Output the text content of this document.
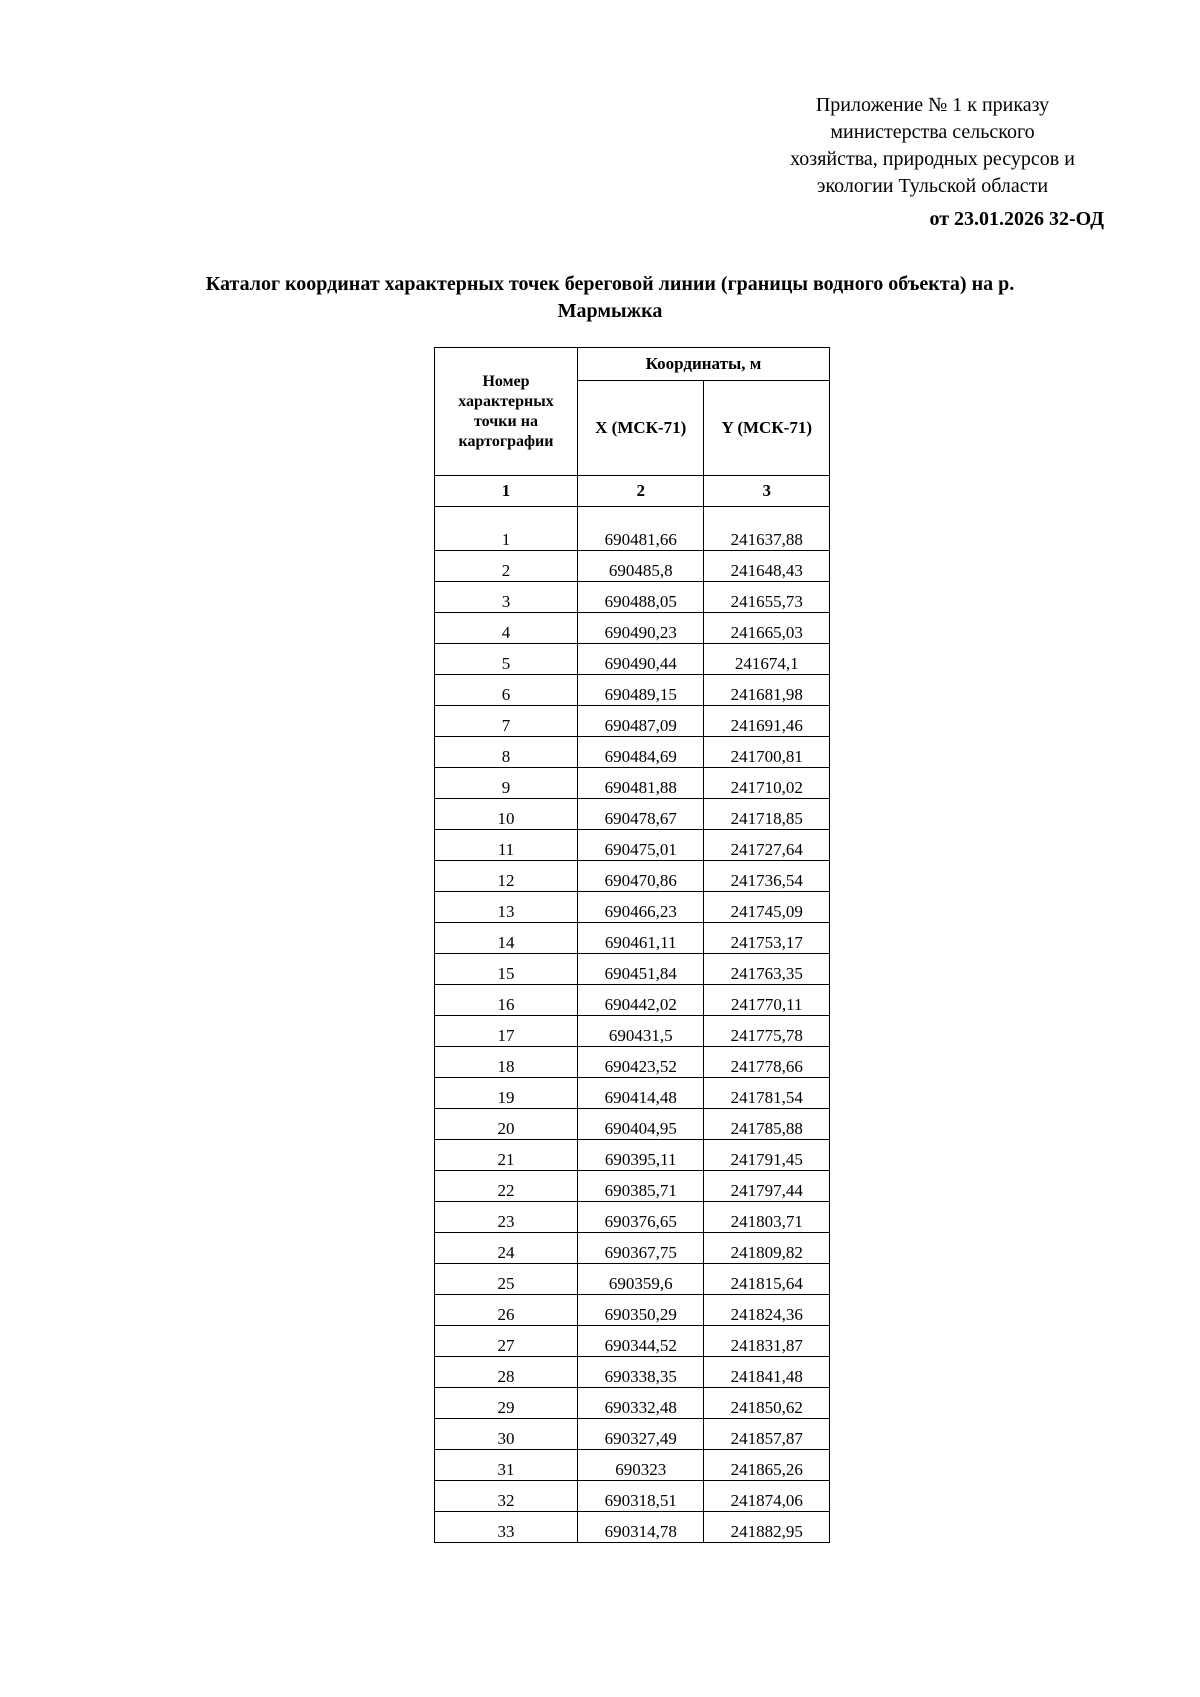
Приложение № 1 к приказу
министерства сельского
хозяйства, природных ресурсов и
экологии Тульской области
от 23.01.2026 32-ОД
Каталог координат характерных точек береговой линии (границы водного объекта) на р.
Мармыжка
Номер характерных точки на картографии	Координаты, м	
	X (МСК-71)	Y (МСК-71)
1	2	3
1	690481,66	241637,88
2	690485,8	241648,43
3	690488,05	241655,73
4	690490,23	241665,03
5	690490,44	241674,1
6	690489,15	241681,98
7	690487,09	241691,46
8	690484,69	241700,81
9	690481,88	241710,02
10	690478,67	241718,85
11	690475,01	241727,64
12	690470,86	241736,54
13	690466,23	241745,09
14	690461,11	241753,17
15	690451,84	241763,35
16	690442,02	241770,11
17	690431,5	241775,78
18	690423,52	241778,66
19	690414,48	241781,54
20	690404,95	241785,88
21	690395,11	241791,45
22	690385,71	241797,44
23	690376,65	241803,71
24	690367,75	241809,82
25	690359,6	241815,64
26	690350,29	241824,36
27	690344,52	241831,87
28	690338,35	241841,48
29	690332,48	241850,62
30	690327,49	241857,87
31	690323	241865,26
32	690318,51	241874,06
33	690314,78	241882,95
